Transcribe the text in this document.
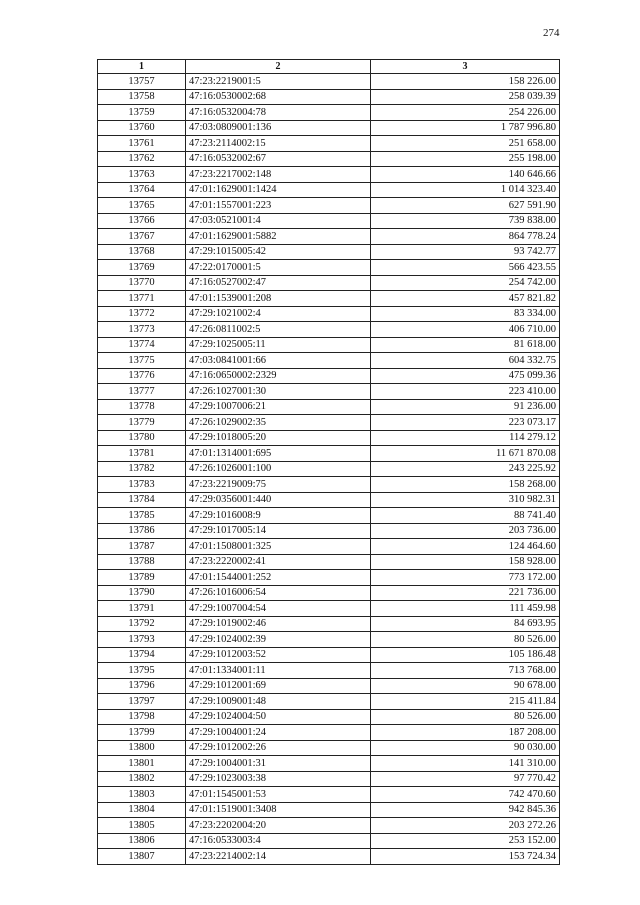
274
1	2	3
13757	47:23:2219001:5	158 226.00
13758	47:16:0530002:68	258 039.39
13759	47:16:0532004:78	254 226.00
13760	47:03:0809001:136	1 787 996.80
13761	47:23:2114002:15	251 658.00
13762	47:16:0532002:67	255 198.00
13763	47:23:2217002:148	140 646.66
13764	47:01:1629001:1424	1 014 323.40
13765	47:01:1557001:223	627 591.90
13766	47:03:0521001:4	739 838.00
13767	47:01:1629001:5882	864 778.24
13768	47:29:1015005:42	93 742.77
13769	47:22:0170001:5	566 423.55
13770	47:16:0527002:47	254 742.00
13771	47:01:1539001:208	457 821.82
13772	47:29:1021002:4	83 334.00
13773	47:26:0811002:5	406 710.00
13774	47:29:1025005:11	81 618.00
13775	47:03:0841001:66	604 332.75
13776	47:16:0650002:2329	475 099.36
13777	47:26:1027001:30	223 410.00
13778	47:29:1007006:21	91 236.00
13779	47:26:1029002:35	223 073.17
13780	47:29:1018005:20	114 279.12
13781	47:01:1314001:695	11 671 870.08
13782	47:26:1026001:100	243 225.92
13783	47:23:2219009:75	158 268.00
13784	47:29:0356001:440	310 982.31
13785	47:29:1016008:9	88 741.40
13786	47:29:1017005:14	203 736.00
13787	47:01:1508001:325	124 464.60
13788	47:23:2220002:41	158 928.00
13789	47:01:1544001:252	773 172.00
13790	47:26:1016006:54	221 736.00
13791	47:29:1007004:54	111 459.98
13792	47:29:1019002:46	84 693.95
13793	47:29:1024002:39	80 526.00
13794	47:29:1012003:52	105 186.48
13795	47:01:1334001:11	713 768.00
13796	47:29:1012001:69	90 678.00
13797	47:29:1009001:48	215 411.84
13798	47:29:1024004:50	80 526.00
13799	47:29:1004001:24	187 208.00
13800	47:29:1012002:26	90 030.00
13801	47:29:1004001:31	141 310.00
13802	47:29:1023003:38	97 770.42
13803	47:01:1545001:53	742 470.60
13804	47:01:1519001:3408	942 845.36
13805	47:23:2202004:20	203 272.26
13806	47:16:0533003:4	253 152.00
13807	47:23:2214002:14	153 724.34
